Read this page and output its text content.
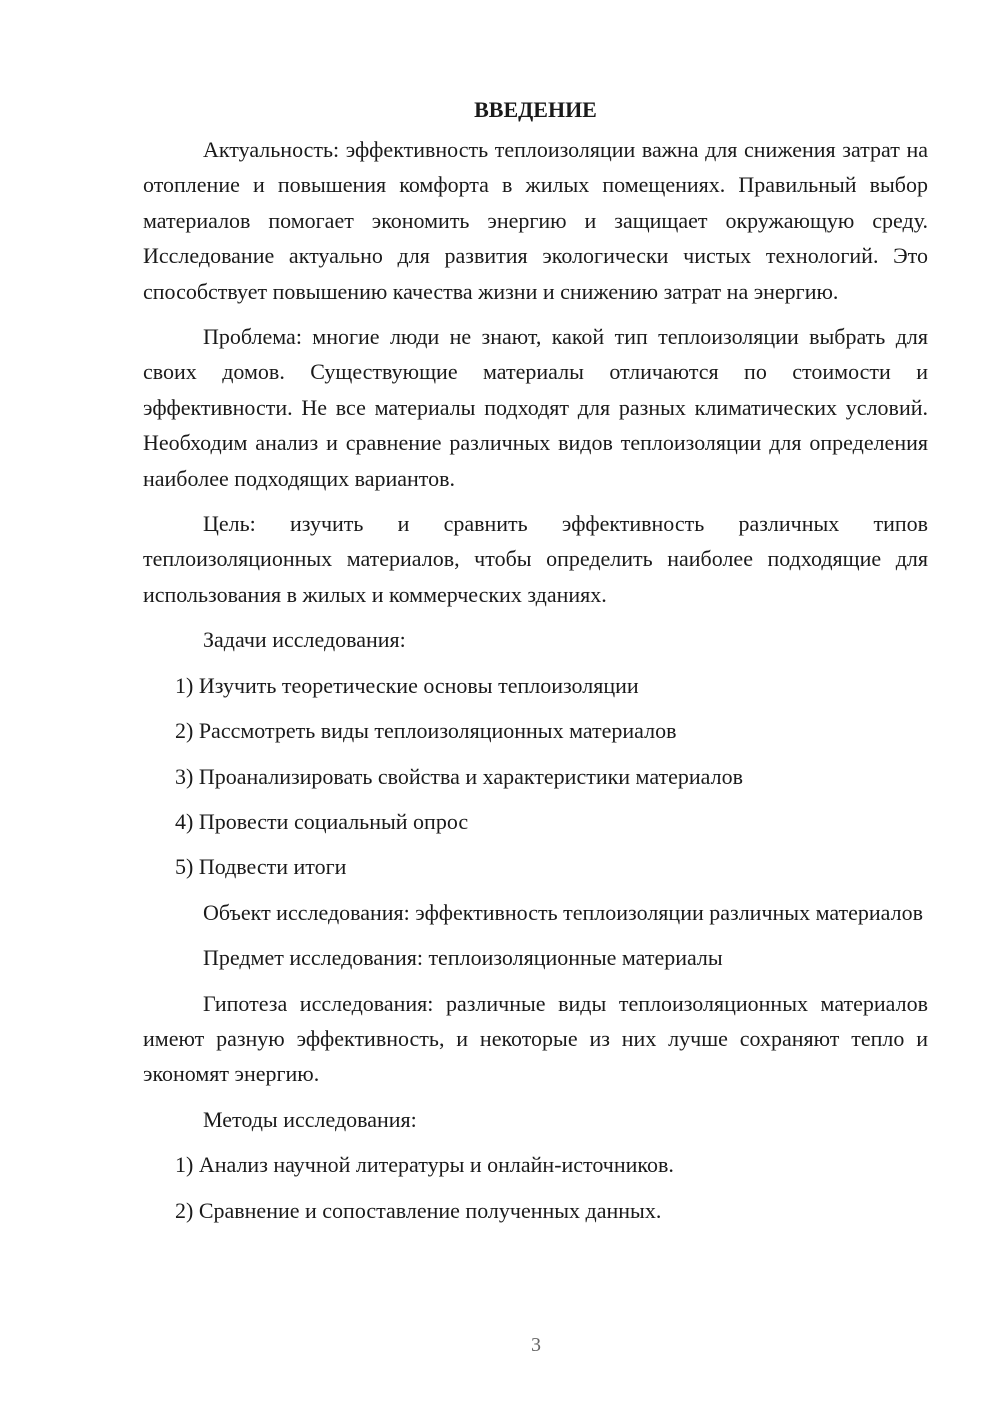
ВВЕДЕНИЕ

Актуальность: эффективность теплоизоляции важна для снижения затрат на отопление и повышения комфорта в жилых помещениях. Правильный выбор материалов помогает экономить энергию и защищает окружающую среду. Исследование актуально для развития экологически чистых технологий. Это способствует повышению качества жизни и снижению затрат на энергию.

Проблема: многие люди не знают, какой тип теплоизоляции выбрать для своих домов. Существующие материалы отличаются по стоимости и эффективности. Не все материалы подходят для разных климатических условий. Необходим анализ и сравнение различных видов теплоизоляции для определения наиболее подходящих вариантов.

Цель: изучить и сравнить эффективность различных типов теплоизоляционных материалов, чтобы определить наиболее подходящие для использования в жилых и коммерческих зданиях.

Задачи исследования:

1) Изучить теоретические основы теплоизоляции

2) Рассмотреть виды теплоизоляционных материалов

3) Проанализировать свойства и характеристики материалов

4) Провести социальный опрос

5) Подвести итоги

Объект исследования: эффективность теплоизоляции различных материалов

Предмет исследования: теплоизоляционные материалы

Гипотеза исследования: различные виды теплоизоляционных материалов имеют разную эффективность, и некоторые из них лучше сохраняют тепло и экономят энергию.

Методы исследования:

1) Анализ научной литературы и онлайн-источников.

2) Сравнение и сопоставление полученных данных.

3
